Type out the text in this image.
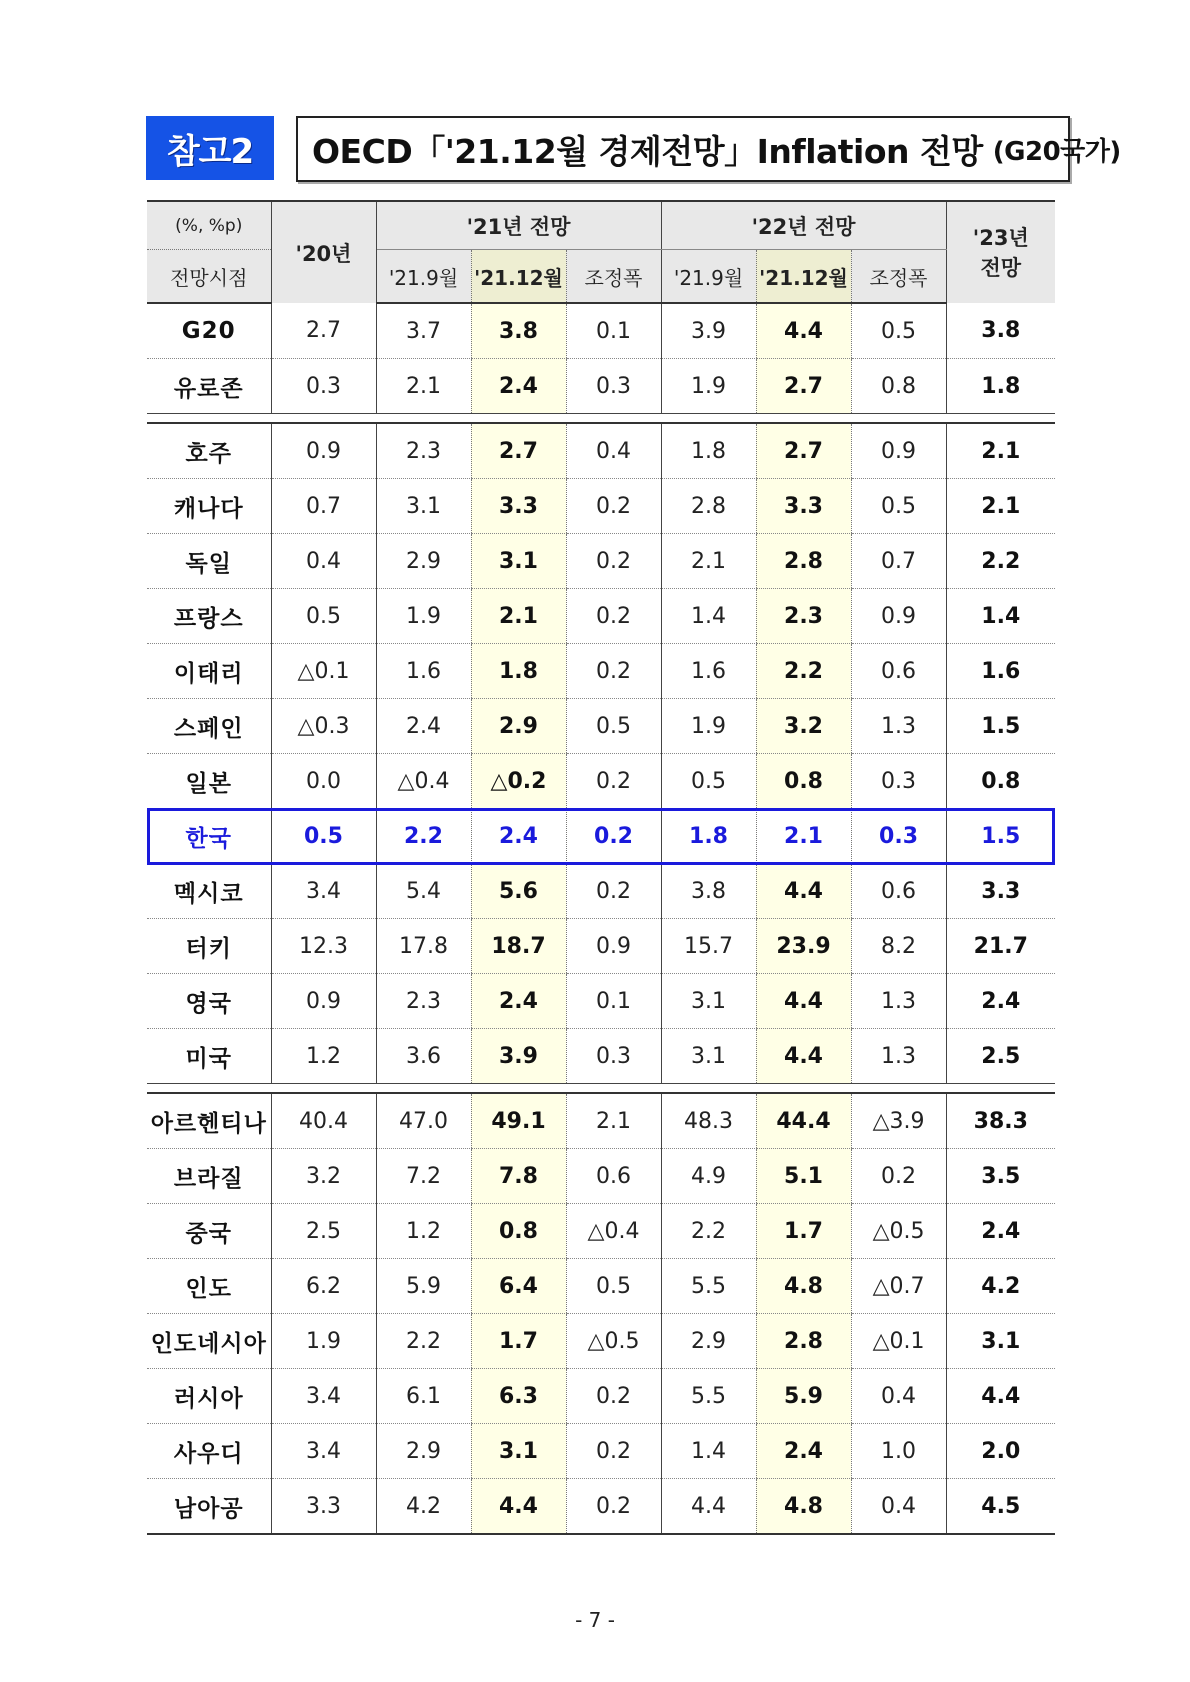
참고2	OECD「'21.12월 경제전망」Inflation 전망 (G20국가)
(%, %p)	'20년	'21년 전망			'22년 전망			'23년 전망
전망시점		'21.9월	'21.12월	조정폭	'21.9월	'21.12월	조정폭	
G20	2.7	3.7	3.8	0.1	3.9	4.4	0.5	3.8
유로존	0.3	2.1	2.4	0.3	1.9	2.7	0.8	1.8

호주	0.9	2.3	2.7	0.4	1.8	2.7	0.9	2.1
캐나다	0.7	3.1	3.3	0.2	2.8	3.3	0.5	2.1
독일	0.4	2.9	3.1	0.2	2.1	2.8	0.7	2.2
프랑스	0.5	1.9	2.1	0.2	1.4	2.3	0.9	1.4
이태리	△0.1	1.6	1.8	0.2	1.6	2.2	0.6	1.6
스페인	△0.3	2.4	2.9	0.5	1.9	3.2	1.3	1.5
일본	0.0	△0.4	△0.2	0.2	0.5	0.8	0.3	0.8
한국	0.5	2.2	2.4	0.2	1.8	2.1	0.3	1.5
멕시코	3.4	5.4	5.6	0.2	3.8	4.4	0.6	3.3
터키	12.3	17.8	18.7	0.9	15.7	23.9	8.2	21.7
영국	0.9	2.3	2.4	0.1	3.1	4.4	1.3	2.4
미국	1.2	3.6	3.9	0.3	3.1	4.4	1.3	2.5

아르헨티나	40.4	47.0	49.1	2.1	48.3	44.4	△3.9	38.3
브라질	3.2	7.2	7.8	0.6	4.9	5.1	0.2	3.5
중국	2.5	1.2	0.8	△0.4	2.2	1.7	△0.5	2.4
인도	6.2	5.9	6.4	0.5	5.5	4.8	△0.7	4.2
인도네시아	1.9	2.2	1.7	△0.5	2.9	2.8	△0.1	3.1
러시아	3.4	6.1	6.3	0.2	5.5	5.9	0.4	4.4
사우디	3.4	2.9	3.1	0.2	1.4	2.4	1.0	2.0
남아공	3.3	4.2	4.4	0.2	4.4	4.8	0.4	4.5
- 7 -
